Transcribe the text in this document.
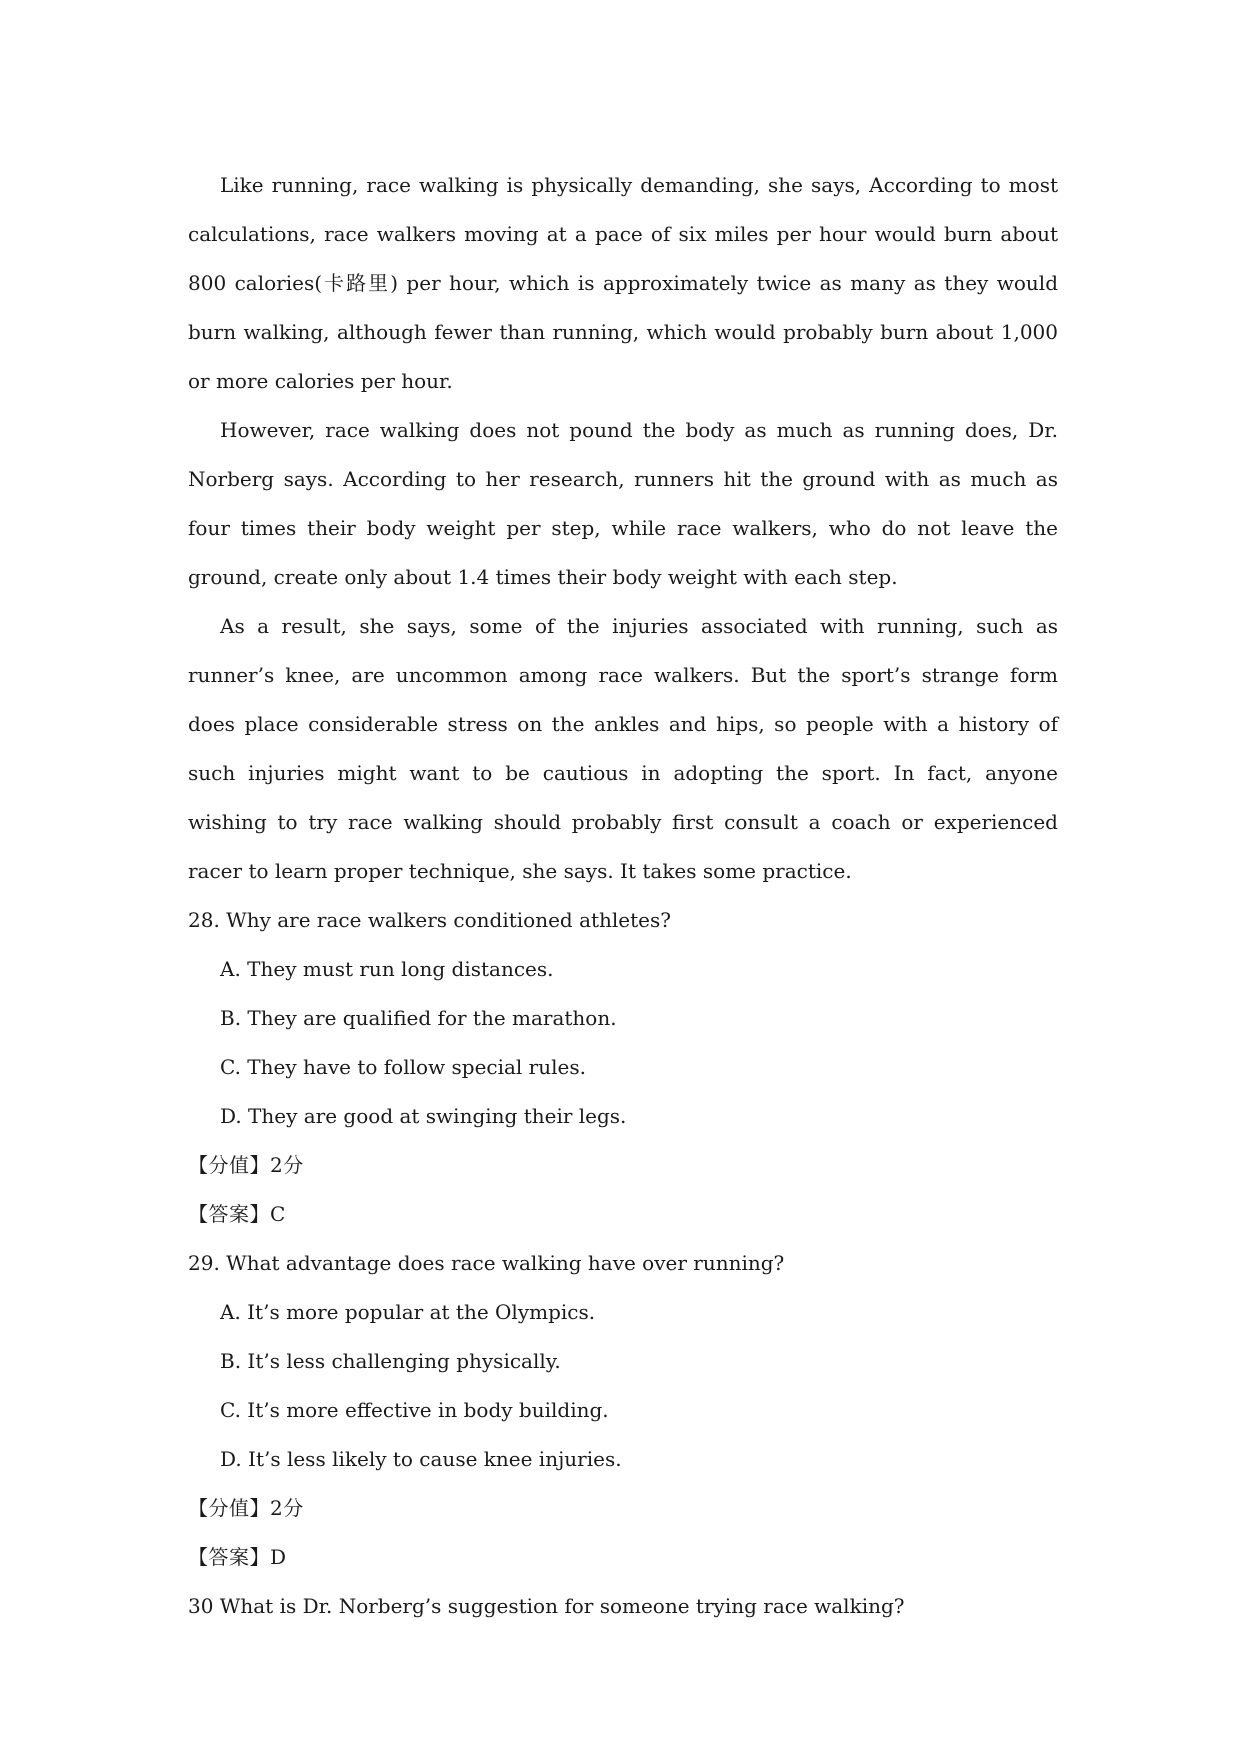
Like running, race walking is physically demanding, she says, According to most calculations, race walkers moving at a pace of six miles per hour would burn about 800 calories(卡路里) per hour, which is approximately twice as many as they would burn walking, although fewer than running, which would probably burn about 1,000 or more calories per hour.

However, race walking does not pound the body as much as running does, Dr. Norberg says. According to her research, runners hit the ground with as much as four times their body weight per step, while race walkers, who do not leave the ground, create only about 1.4 times their body weight with each step.

As a result, she says, some of the injuries associated with running, such as runner’s knee, are uncommon among race walkers. But the sport’s strange form does place considerable stress on the ankles and hips, so people with a history of such injuries might want to be cautious in adopting the sport. In fact, anyone wishing to try race walking should probably first consult a coach or experienced racer to learn proper technique, she says. It takes some practice.

28. Why are race walkers conditioned athletes?

A. They must run long distances.

B. They are qualified for the marathon.

C. They have to follow special rules.

D. They are good at swinging their legs.

【分值】2分

【答案】C

29. What advantage does race walking have over running?

A. It’s more popular at the Olympics.

B. It’s less challenging physically.

C. It’s more effective in body building.

D. It’s less likely to cause knee injuries.

【分值】2分

【答案】D

30 What is Dr. Norberg’s suggestion for someone trying race walking?
